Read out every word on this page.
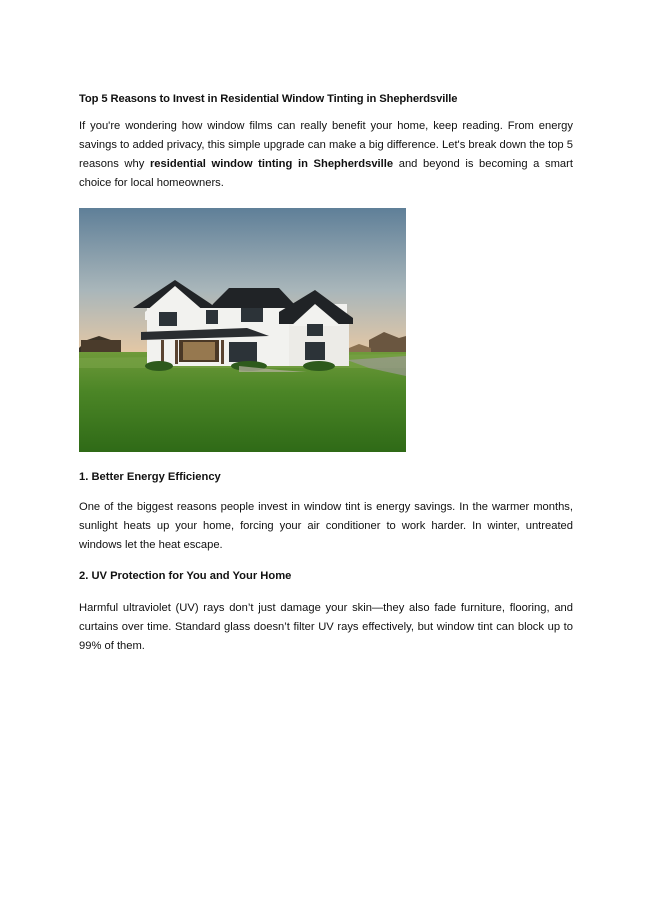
Top 5 Reasons to Invest in Residential Window Tinting in Shepherdsville

If you're wondering how window films can really benefit your home, keep reading. From energy savings to added privacy, this simple upgrade can make a big difference. Let's break down the top 5 reasons why residential window tinting in Shepherdsville and beyond is becoming a smart choice for local homeowners.

1. Better Energy Efficiency

One of the biggest reasons people invest in window tint is energy savings. In the warmer months, sunlight heats up your home, forcing your air conditioner to work harder. In winter, untreated windows let the heat escape.

2. UV Protection for You and Your Home

Harmful ultraviolet (UV) rays don’t just damage your skin—they also fade furniture, flooring, and curtains over time. Standard glass doesn’t filter UV rays effectively, but window tint can block up to 99% of them.
